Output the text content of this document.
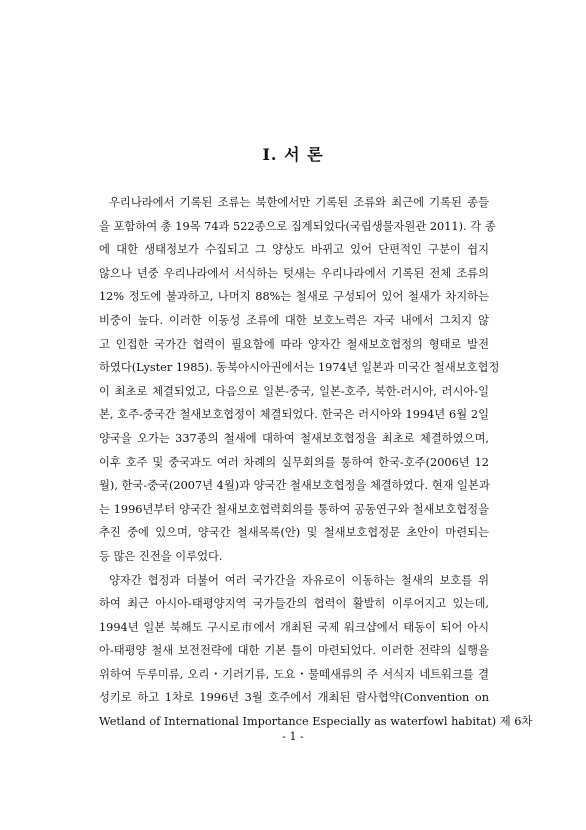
I. 서 론
우리나라에서 기록된 조류는 북한에서만 기록된 조류와 최근에 기록된 종들
을 포함하여 총 19목 74과 522종으로 집계되었다(국립생물자원관 2011). 각 종
에 대한 생태정보가 수집되고 그 양상도 바뀌고 있어 단편적인 구분이 쉽지
않으나 년중 우리나라에서 서식하는 텃새는 우리나라에서 기록된 전체 조류의
12% 정도에 불과하고, 나머지 88%는 철새로 구성되어 있어 철새가 차지하는
비중이 높다. 이러한 이동성 조류에 대한 보호노력은 자국 내에서 그치지 않
고 인접한 국가간 협력이 필요함에 따라 양자간 철새보호협정의 형태로 발전
하였다(Lyster 1985). 동북아시아권에서는 1974년 일본과 미국간 철새보호협정
이 최초로 체결되었고, 다음으로 일본-중국, 일본-호주, 북한-러시아, 러시아-일
본, 호주-중국간 철새보호협정이 체결되었다. 한국은 러시아와 1994년 6월 2일
양국을 오가는 337종의 철새에 대하여 철새보호협정을 최초로 체결하였으며,
이후 호주 및 중국과도 여러 차례의 실무회의를 통하여 한국-호주(2006년 12
월), 한국-중국(2007년 4월)과 양국간 철새보호협정을 체결하였다. 현재 일본과
는 1996년부터 양국간 철새보호협력회의를 통하여 공동연구와 철새보호협정을
추진 중에 있으며, 양국간 철새목록(안) 및 철새보호협정문 초안이 마련되는
등 많은 진전을 이루었다.
양자간 협정과 더불어 여러 국가간을 자유로이 이동하는 철새의 보호를 위
하여 최근 아시아-태평양지역 국가들간의 협력이 활발히 이루어지고 있는데,
1994년 일본 북해도 구시로市에서 개최된 국제 워크샵에서 태동이 되어 아시
아-태평양 철새 보전전략에 대한 기본 틀이 마련되었다. 이러한 전략의 실행을
위하여 두루미류, 오리・기러기류, 도요・물떼새류의 주 서식지 네트워크를 결
성키로 하고 1차로 1996년 3월 호주에서 개최된 람사협약(Convention on
Wetland of International Importance Especially as waterfowl habitat) 제 6차
- 1 -
